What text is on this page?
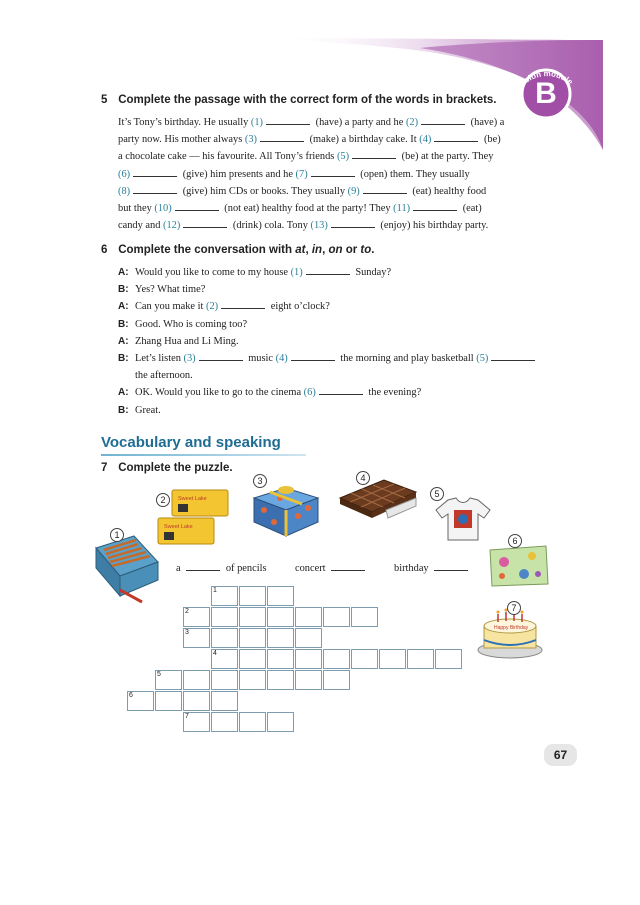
Revision module
B
5 Complete the passage with the correct form of the words in brackets.
It’s Tony’s birthday. He usually (1)	(have) a party and he (2)	(have) a
party now. His mother always (3)	(make) a birthday cake. It (4)	(be)
a chocolate cake — his favourite. All Tony’s friends (5)	(be) at the party. They
(6)	(give) him presents and he (7)	(open) them. They usually
(8)	(give) him CDs or books. They usually (9)	(eat) healthy food
but they (10)	(not eat) healthy food at the party! They (11)	(eat)
candy and (12)	(drink) cola. Tony (13)	(enjoy) his birthday party.
6 Complete the conversation with at, in, on or to.
A: Would you like to come to my house (1)	Sunday?
B: Yes? What time?
A: Can you make it (2)	eight o’clock?
B: Good. Who is coming too?
A: Zhang Hua and Li Ming.
B: Let’s listen (3)	music (4)	the morning and play basketball (5)
the afternoon.
A: OK. Would you like to go to the cinema (6)	the evening?
B: Great.
Vocabulary and speaking
7 Complete the puzzle.
1
Sweet Lake
Sweet Lake
2
3	4
5
6
Happy Birthday
7
a	of pencils	concert	birthday
1
2
3
4
5
6
7
67
